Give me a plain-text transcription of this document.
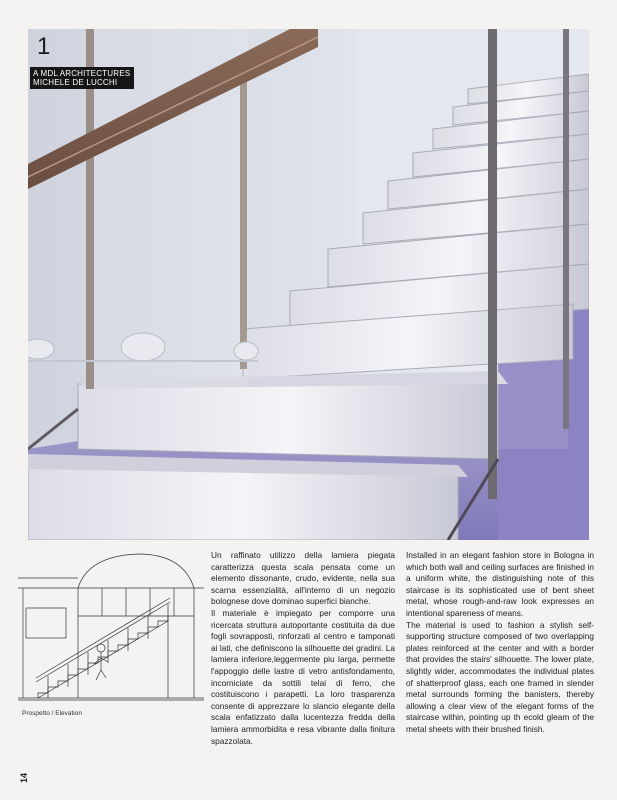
1
A MDL ARCHITECTURES
MICHELE DE LUCCHI
Prospetto / Elevation

Un raffinato utilizzo della lamiera piegata caratterizza questa scala pensata come un elemento dissonante, crudo, evidente, nella sua scarna essenzialità, all'interno di un negozio bolognese dove dominao superfici bianche.

Il materiale è impiegato per comporre una ricercata struttura autoportante costituita da due fogli sovrapposti, rinforzati al centro e tamponati ai lati, che definiscono la silhouette dei gradini. La lamiera inferiore,leggermente piu larga, permette l'appoggio delle lastre di vetro antisfondamento, incorniciate da sottili telai di ferro, che costituiscono i parapetti. La loro trasparenza consente di apprezzare lo slancio elegante della scala enfatizzato dalla lucentezza fredda della lamiera ammorbidita e resa vibrante dalla finitura spazzolata.

Installed in an elegant fashion store in Bologna in which both wall and ceiling surfaces are finished in a uniform white, the distinguishing note of this staircase is its sophisticated use of bent sheet metal, whose rough-and-raw look expresses an intentional spareness of means.

The material is used to fashion a stylish self-supporting structure composed of two overlapping plates reinforced at the center and with a border that provides the stairs' silhouette. The lower plate, slightly wider, accommodates the individual plates of shatterproof glass, each one framed in slender metal surrounds forming the banisters, thereby allowing a clear view of the elegant forms of the staircase within, pointing up th ecold gleam of the metal sheets with their brushed finish.

14
